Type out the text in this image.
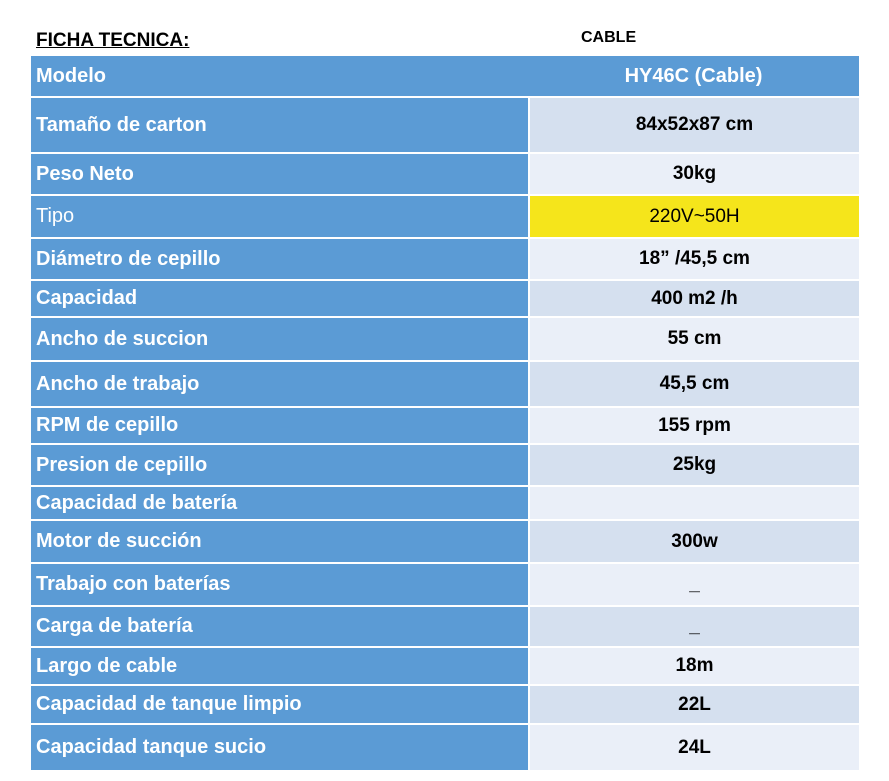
FICHA TECNICA:	CABLE
Modelo	HY46C (Cable)
Tamaño de carton	84x52x87 cm
Peso Neto	30kg
Tipo	220V~50H
Diámetro de cepillo	18” /45,5 cm
Capacidad	400 m2 /h
Ancho de succion	55 cm
Ancho de trabajo	45,5 cm
RPM de cepillo	155 rpm
Presion de cepillo	25kg
Capacidad de batería
Motor de succión	300w
Trabajo con baterías	_
Carga de batería	_
Largo de cable	18m
Capacidad de tanque limpio	22L
Capacidad tanque sucio	24L
